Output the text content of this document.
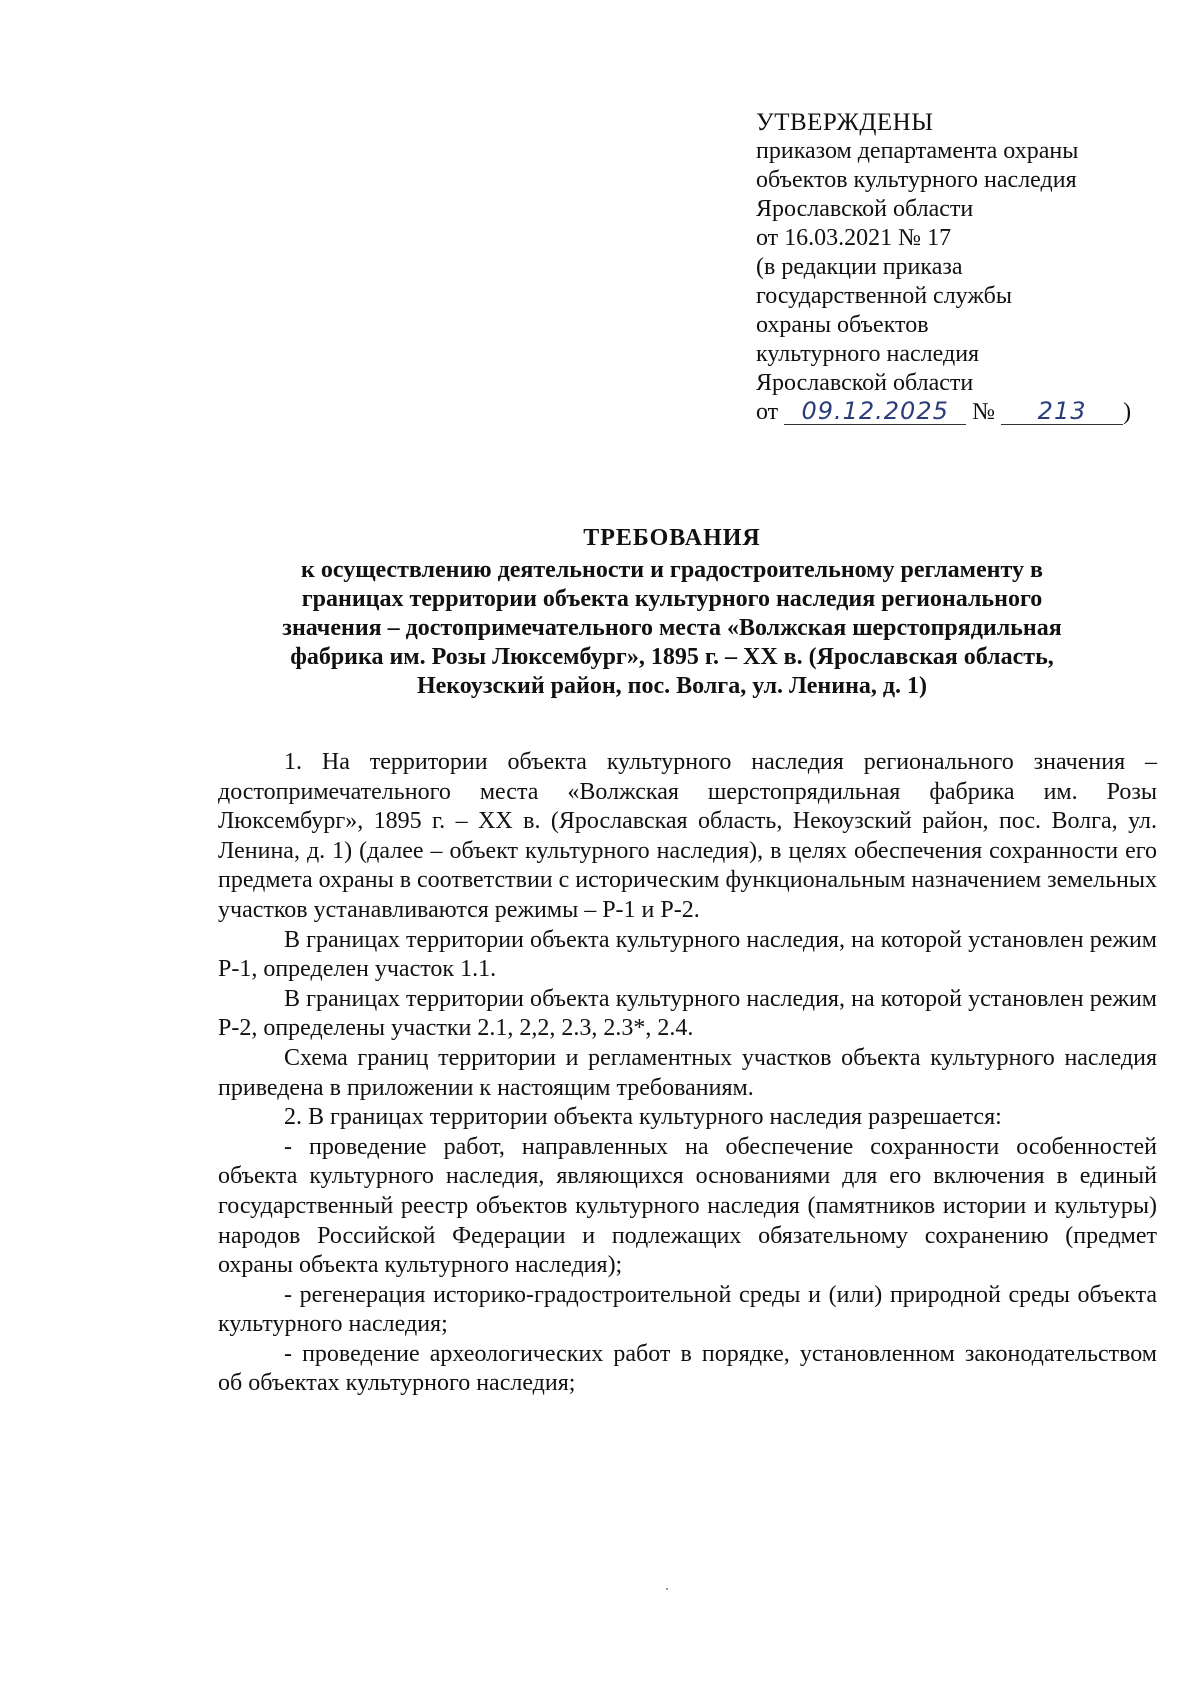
УТВЕРЖДЕНЫ
приказом департамента охраны
объектов культурного наследия
Ярославской области
от 16.03.2021 № 17
(в редакции приказа
государственной службы
охраны объектов
культурного наследия
Ярославской области
от 09.12.2025 № 213 )
ТРЕБОВАНИЯ
к осуществлению деятельности и градостроительному регламенту в
границах территории объекта культурного наследия регионального
значения – достопримечательного места «Волжская шерстопрядильная
фабрика им. Розы Люксембург», 1895 г. – XX в. (Ярославская область,
Некоузский район, пос. Волга, ул. Ленина, д. 1)

1. На территории объекта культурного наследия регионального значения – достопримечательного места «Волжская шерстопрядильная фабрика им. Розы Люксембург», 1895 г. – XX в. (Ярославская область, Некоузский район, пос. Волга, ул. Ленина, д. 1) (далее – объект культурного наследия), в целях обеспечения сохранности его предмета охраны в соответствии с историческим функциональным назначением земельных участков устанавливаются режимы – Р-1 и Р-2.

В границах территории объекта культурного наследия, на которой установлен режим Р-1, определен участок 1.1.

В границах территории объекта культурного наследия, на которой установлен режим Р-2, определены участки 2.1, 2,2, 2.3, 2.3*, 2.4.

Схема границ территории и регламентных участков объекта культурного наследия приведена в приложении к настоящим требованиям.

2. В границах территории объекта культурного наследия разрешается:

- проведение работ, направленных на обеспечение сохранности особенностей объекта культурного наследия, являющихся основаниями для его включения в единый государственный реестр объектов культурного наследия (памятников истории и культуры) народов Российской Федерации и подлежащих обязательному сохранению (предмет охраны объекта культурного наследия);

- регенерация историко-градостроительной среды и (или) природной среды объекта культурного наследия;

- проведение археологических работ в порядке, установленном законодательством об объектах культурного наследия;
